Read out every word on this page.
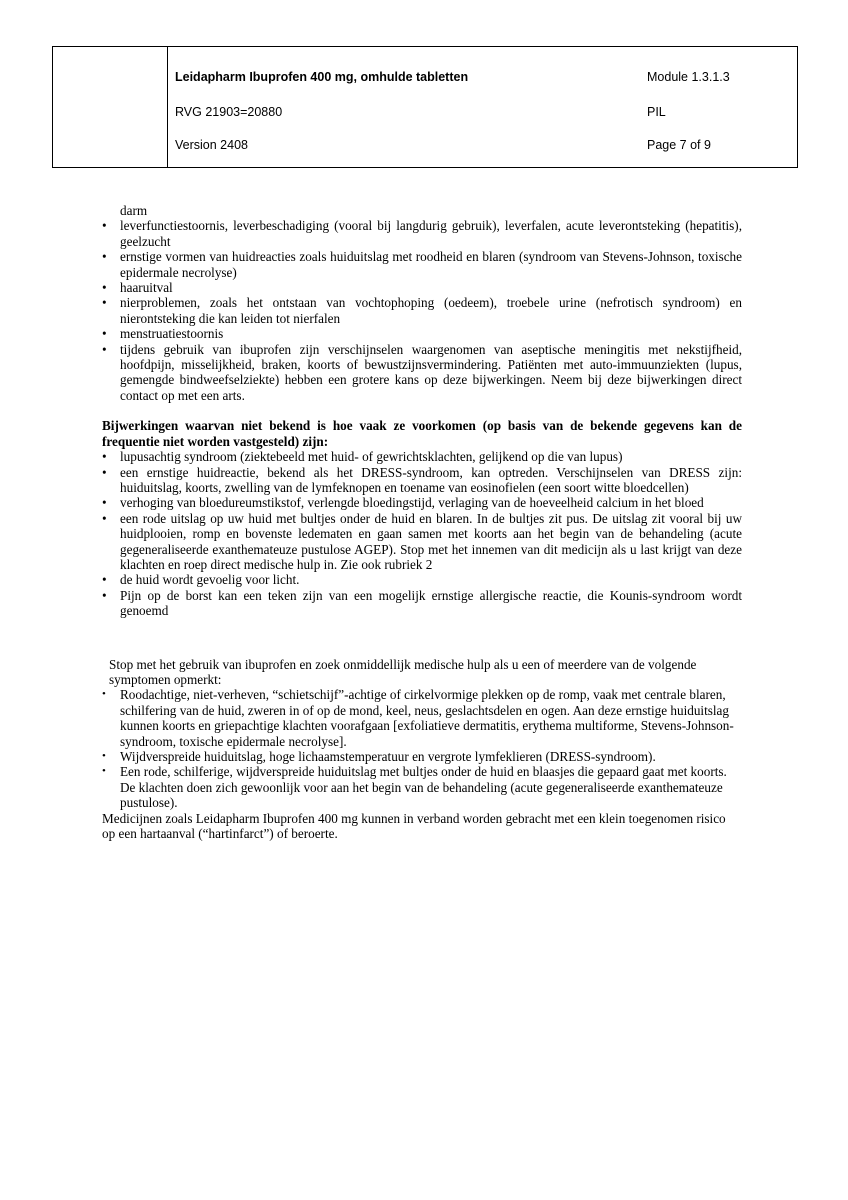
Leidapharm Ibuprofen 400 mg, omhulde tabletten
RVG 21903=20880
Version 2408
Module 1.3.1.3
PIL
Page 7 of 9

darm

• leverfunctiestoornis, leverbeschadiging (vooral bij langdurig gebruik), leverfalen, acute leverontsteking (hepatitis), geelzucht
• ernstige vormen van huidreacties zoals huiduitslag met roodheid en blaren (syndroom van Stevens-Johnson, toxische epidermale necrolyse)
• haaruitval
• nierproblemen, zoals het ontstaan van vochtophoping (oedeem), troebele urine (nefrotisch syndroom) en nierontsteking die kan leiden tot nierfalen
• menstruatiestoornis
• tijdens gebruik van ibuprofen zijn verschijnselen waargenomen van aseptische meningitis met nekstijfheid, hoofdpijn, misselijkheid, braken, koorts of bewustzijnsvermindering. Patiënten met auto-immuunziekten (lupus, gemengde bindweefselziekte) hebben een grotere kans op deze bijwerkingen. Neem bij deze bijwerkingen direct contact op met een arts.

Bijwerkingen waarvan niet bekend is hoe vaak ze voorkomen (op basis van de bekende gegevens kan de frequentie niet worden vastgesteld) zijn:

• lupusachtig syndroom (ziektebeeld met huid- of gewrichtsklachten, gelijkend op die van lupus)
• een ernstige huidreactie, bekend als het DRESS-syndroom, kan optreden. Verschijnselen van DRESS zijn: huiduitslag, koorts, zwelling van de lymfeknopen en toename van eosinofielen (een soort witte bloedcellen)
• verhoging van bloedureumstikstof, verlengde bloedingstijd, verlaging van de hoeveelheid calcium in het bloed
• een rode uitslag op uw huid met bultjes onder de huid en blaren. In de bultjes zit pus. De uitslag zit vooral bij uw huidplooien, romp en bovenste ledematen en gaan samen met koorts aan het begin van de behandeling (acute gegeneraliseerde exanthemateuze pustulose AGEP). Stop met het innemen van dit medicijn als u last krijgt van deze klachten en roep direct medische hulp in. Zie ook rubriek 2
• de huid wordt gevoelig voor licht.
• Pijn op de borst kan een teken zijn van een mogelijk ernstige allergische reactie, die Kounis-syndroom wordt genoemd

Stop met het gebruik van ibuprofen en zoek onmiddellijk medische hulp als u een of meerdere van de volgende symptomen opmerkt:

• Roodachtige, niet-verheven, “schietschijf”-achtige of cirkelvormige plekken op de romp, vaak met centrale blaren, schilfering van de huid, zweren in of op de mond, keel, neus, geslachtsdelen en ogen. Aan deze ernstige huiduitslag kunnen koorts en griepachtige klachten voorafgaan [exfoliatieve dermatitis, erythema multiforme, Stevens-Johnson-syndroom, toxische epidermale necrolyse].
• Wijdverspreide huiduitslag, hoge lichaamstemperatuur en vergrote lymfeklieren (DRESS-syndroom).
• Een rode, schilferige, wijdverspreide huiduitslag met bultjes onder de huid en blaasjes die gepaard gaat met koorts. De klachten doen zich gewoonlijk voor aan het begin van de behandeling (acute gegeneraliseerde exanthemateuze pustulose).

Medicijnen zoals Leidapharm Ibuprofen 400 mg kunnen in verband worden gebracht met een klein toegenomen risico op een hartaanval (“hartinfarct”) of beroerte.
